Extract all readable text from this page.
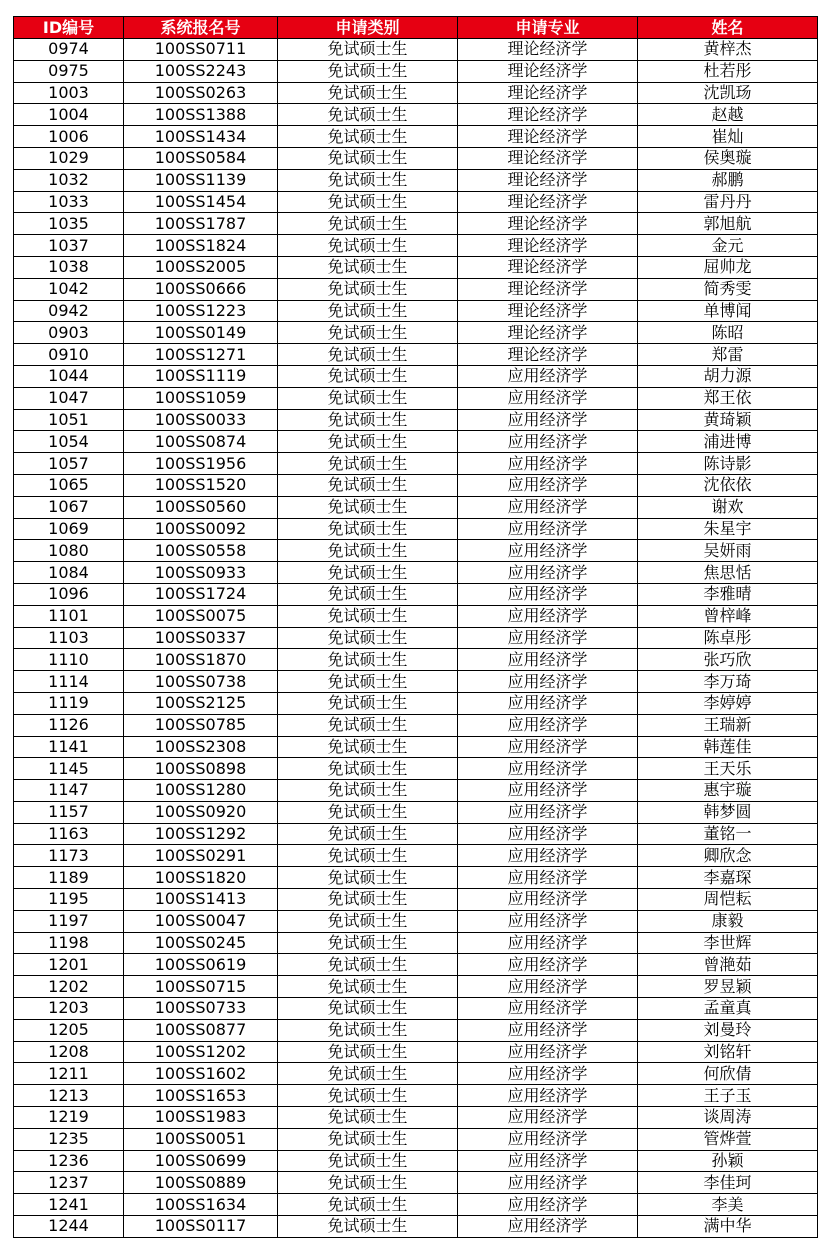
ID编号	系统报名号	申请类别	申请专业	姓名
0974	100SS0711	免试硕士生	理论经济学	黄梓杰
0975	100SS2243	免试硕士生	理论经济学	杜若彤
1003	100SS0263	免试硕士生	理论经济学	沈凯玚
1004	100SS1388	免试硕士生	理论经济学	赵越
1006	100SS1434	免试硕士生	理论经济学	崔灿
1029	100SS0584	免试硕士生	理论经济学	侯奥璇
1032	100SS1139	免试硕士生	理论经济学	郝鹏
1033	100SS1454	免试硕士生	理论经济学	雷丹丹
1035	100SS1787	免试硕士生	理论经济学	郭旭航
1037	100SS1824	免试硕士生	理论经济学	金元
1038	100SS2005	免试硕士生	理论经济学	屈帅龙
1042	100SS0666	免试硕士生	理论经济学	简秀雯
0942	100SS1223	免试硕士生	理论经济学	单博闻
0903	100SS0149	免试硕士生	理论经济学	陈昭
0910	100SS1271	免试硕士生	理论经济学	郑雷
1044	100SS1119	免试硕士生	应用经济学	胡力源
1047	100SS1059	免试硕士生	应用经济学	郑王依
1051	100SS0033	免试硕士生	应用经济学	黄琦颖
1054	100SS0874	免试硕士生	应用经济学	浦进博
1057	100SS1956	免试硕士生	应用经济学	陈诗影
1065	100SS1520	免试硕士生	应用经济学	沈依依
1067	100SS0560	免试硕士生	应用经济学	谢欢
1069	100SS0092	免试硕士生	应用经济学	朱星宇
1080	100SS0558	免试硕士生	应用经济学	吴妍雨
1084	100SS0933	免试硕士生	应用经济学	焦思恬
1096	100SS1724	免试硕士生	应用经济学	李雅晴
1101	100SS0075	免试硕士生	应用经济学	曾梓峰
1103	100SS0337	免试硕士生	应用经济学	陈卓彤
1110	100SS1870	免试硕士生	应用经济学	张巧欣
1114	100SS0738	免试硕士生	应用经济学	李万琦
1119	100SS2125	免试硕士生	应用经济学	李婷婷
1126	100SS0785	免试硕士生	应用经济学	王瑞新
1141	100SS2308	免试硕士生	应用经济学	韩莲佳
1145	100SS0898	免试硕士生	应用经济学	王天乐
1147	100SS1280	免试硕士生	应用经济学	惠宇璇
1157	100SS0920	免试硕士生	应用经济学	韩梦圆
1163	100SS1292	免试硕士生	应用经济学	董铭一
1173	100SS0291	免试硕士生	应用经济学	卿欣念
1189	100SS1820	免试硕士生	应用经济学	李嘉琛
1195	100SS1413	免试硕士生	应用经济学	周恺耘
1197	100SS0047	免试硕士生	应用经济学	康毅
1198	100SS0245	免试硕士生	应用经济学	李世辉
1201	100SS0619	免试硕士生	应用经济学	曾滟茹
1202	100SS0715	免试硕士生	应用经济学	罗昱颖
1203	100SS0733	免试硕士生	应用经济学	孟童真
1205	100SS0877	免试硕士生	应用经济学	刘曼玲
1208	100SS1202	免试硕士生	应用经济学	刘铭轩
1211	100SS1602	免试硕士生	应用经济学	何欣倩
1213	100SS1653	免试硕士生	应用经济学	王子玉
1219	100SS1983	免试硕士生	应用经济学	谈周涛
1235	100SS0051	免试硕士生	应用经济学	管烨萱
1236	100SS0699	免试硕士生	应用经济学	孙颖
1237	100SS0889	免试硕士生	应用经济学	李佳珂
1241	100SS1634	免试硕士生	应用经济学	李美
1244	100SS0117	免试硕士生	应用经济学	满中华
